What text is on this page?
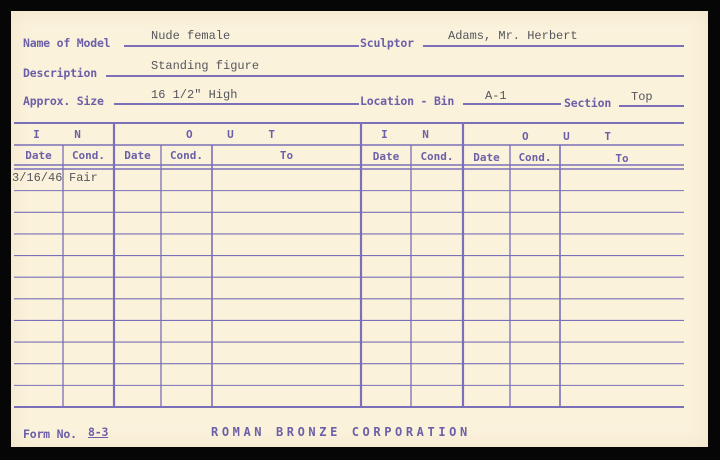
Name of Model	Nude female	Sculptor	Adams, Mr. Herbert
Description	Standing figure
Approx. Size	16 1/2" High	Location - Bin	A-1	Section Top
I N	O U T	I N	O U T
Date	Cond.	Date	Cond.	To	Date	Cond.	Date	Cond.	To
3/16/46 Fair
Form No. 8-3	ROMAN BRONZE CORPORATION
